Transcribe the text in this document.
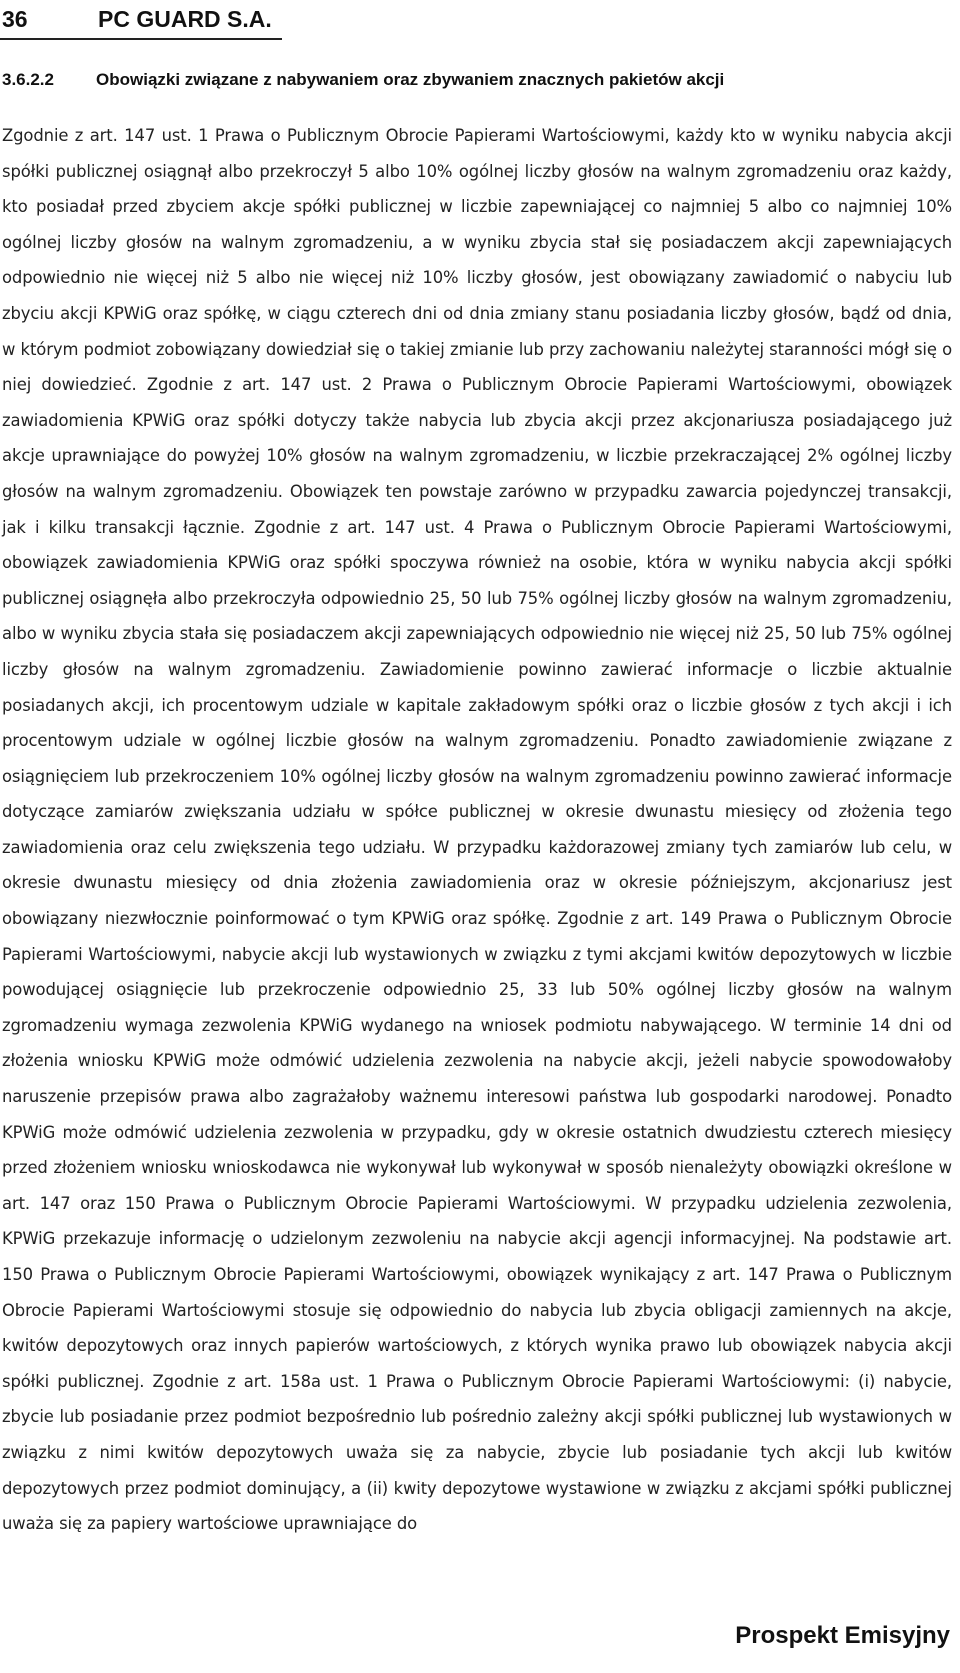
36	PC GUARD S.A.
3.6.2.2 Obowiązki związane z nabywaniem oraz zbywaniem znacznych pakietów akcji

Zgodnie z art. 147 ust. 1 Prawa o Publicznym Obrocie Papierami Wartościowymi, każdy kto w wyniku nabycia akcji spółki publicznej osiągnął albo przekroczył 5 albo 10% ogólnej liczby głosów na walnym zgromadzeniu oraz każdy, kto posiadał przed zbyciem akcje spółki publicznej w liczbie zapewniającej co najmniej 5 albo co najmniej 10% ogólnej liczby głosów na walnym zgromadzeniu, a w wyniku zbycia stał się posiadaczem akcji zapewniających odpowiednio nie więcej niż 5 albo nie więcej niż 10% liczby głosów, jest obowiązany zawiadomić o nabyciu lub zbyciu akcji KPWiG oraz spółkę, w ciągu czterech dni od dnia zmiany stanu posiadania liczby głosów, bądź od dnia, w którym podmiot zobowiązany dowiedział się o takiej zmianie lub przy zachowaniu należytej staranności mógł się o niej dowiedzieć. Zgodnie z art. 147 ust. 2 Prawa o Publicznym Obrocie Papierami Wartościowymi, obowiązek zawiadomienia KPWiG oraz spółki dotyczy także nabycia lub zbycia akcji przez akcjonariusza posiadającego już akcje uprawniające do powyżej 10% głosów na walnym zgromadzeniu, w liczbie przekraczającej 2% ogólnej liczby głosów na walnym zgromadzeniu. Obowiązek ten powstaje zarówno w przypadku zawarcia pojedynczej transakcji, jak i kilku transakcji łącznie. Zgodnie z art. 147 ust. 4 Prawa o Publicznym Obrocie Papierami Wartościowymi, obowiązek zawiadomienia KPWiG oraz spółki spoczywa również na osobie, która w wyniku nabycia akcji spółki publicznej osiągnęła albo przekroczyła odpowiednio 25, 50 lub 75% ogólnej liczby głosów na walnym zgromadzeniu, albo w wyniku zbycia stała się posiadaczem akcji zapewniających odpowiednio nie więcej niż 25, 50 lub 75% ogólnej liczby głosów na walnym zgromadzeniu. Zawiadomienie powinno zawierać informacje o liczbie aktualnie posiadanych akcji, ich procentowym udziale w kapitale zakładowym spółki oraz o liczbie głosów z tych akcji i ich procentowym udziale w ogólnej liczbie głosów na walnym zgromadzeniu. Ponadto zawiadomienie związane z osiągnięciem lub przekroczeniem 10% ogólnej liczby głosów na walnym zgromadzeniu powinno zawierać informacje dotyczące zamiarów zwiększania udziału w spółce publicznej w okresie dwunastu miesięcy od złożenia tego zawiadomienia oraz celu zwiększenia tego udziału. W przypadku każdorazowej zmiany tych zamiarów lub celu, w okresie dwunastu miesięcy od dnia złożenia zawiadomienia oraz w okresie późniejszym, akcjonariusz jest obowiązany niezwłocznie poinformować o tym KPWiG oraz spółkę. Zgodnie z art. 149 Prawa o Publicznym Obrocie Papierami Wartościowymi, nabycie akcji lub wystawionych w związku z tymi akcjami kwitów depozytowych w liczbie powodującej osiągnięcie lub przekroczenie odpowiednio 25, 33 lub 50% ogólnej liczby głosów na walnym zgromadzeniu wymaga zezwolenia KPWiG wydanego na wniosek podmiotu nabywającego. W terminie 14 dni od złożenia wniosku KPWiG może odmówić udzielenia zezwolenia na nabycie akcji, jeżeli nabycie spowodowałoby naruszenie przepisów prawa albo zagrażałoby ważnemu interesowi państwa lub gospodarki narodowej. Ponadto KPWiG może odmówić udzielenia zezwolenia w przypadku, gdy w okresie ostatnich dwudziestu czterech miesięcy przed złożeniem wniosku wnioskodawca nie wykonywał lub wykonywał w sposób nienależyty obowiązki określone w art. 147 oraz 150 Prawa o Publicznym Obrocie Papierami Wartościowymi. W przypadku udzielenia zezwolenia, KPWiG przekazuje informację o udzielonym zezwoleniu na nabycie akcji agencji informacyjnej. Na podstawie art. 150 Prawa o Publicznym Obrocie Papierami Wartościowymi, obowiązek wynikający z art. 147 Prawa o Publicznym Obrocie Papierami Wartościowymi stosuje się odpowiednio do nabycia lub zbycia obligacji zamiennych na akcje, kwitów depozytowych oraz innych papierów wartościowych, z których wynika prawo lub obowiązek nabycia akcji spółki publicznej. Zgodnie z art. 158a ust. 1 Prawa o Publicznym Obrocie Papierami Wartościowymi: (i) nabycie, zbycie lub posiadanie przez podmiot bezpośrednio lub pośrednio zależny akcji spółki publicznej lub wystawionych w związku z nimi kwitów depozytowych uważa się za nabycie, zbycie lub posiadanie tych akcji lub kwitów depozytowych przez podmiot dominujący, a (ii) kwity depozytowe wystawione w związku z akcjami spółki publicznej uważa się za papiery wartościowe uprawniające do

Prospekt Emisyjny
